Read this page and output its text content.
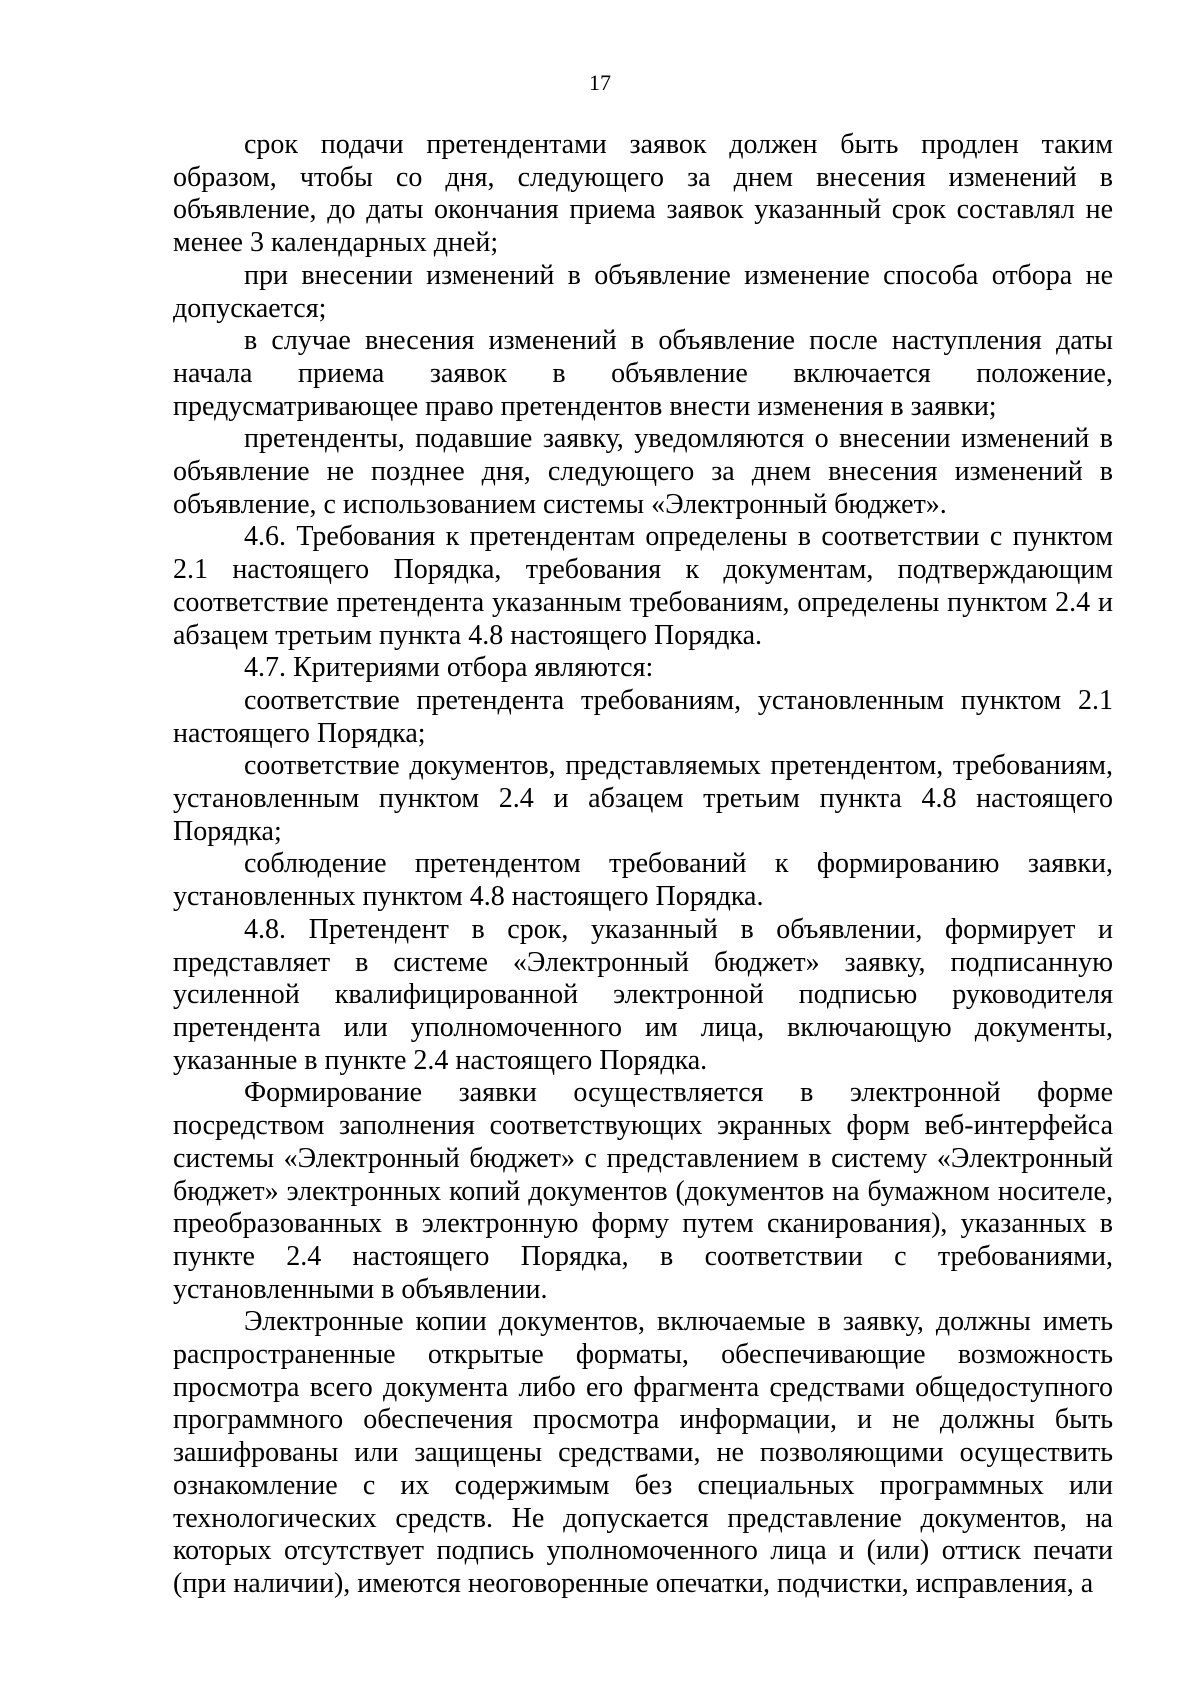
17

срок подачи претендентами заявок должен быть продлен таким образом, чтобы со дня, следующего за днем внесения изменений в объявление, до даты окончания приема заявок указанный срок составлял не менее 3 календарных дней;

при внесении изменений в объявление изменение способа отбора не допускается;

в случае внесения изменений в объявление после наступления даты начала приема заявок в объявление включается положение, предусматривающее право претендентов внести изменения в заявки;

претенденты, подавшие заявку, уведомляются о внесении изменений в объявление не позднее дня, следующего за днем внесения изменений в объявление, с использованием системы «Электронный бюджет».

4.6. Требования к претендентам определены в соответствии с пунктом 2.1 настоящего Порядка, требования к документам, подтверждающим соответствие претендента указанным требованиям, определены пунктом 2.4 и абзацем третьим пункта 4.8 настоящего Порядка.

4.7. Критериями отбора являются:

соответствие претендента требованиям, установленным пунктом 2.1 настоящего Порядка;

соответствие документов, представляемых претендентом, требованиям, установленным пунктом 2.4 и абзацем третьим пункта 4.8 настоящего Порядка;

соблюдение претендентом требований к формированию заявки, установленных пунктом 4.8 настоящего Порядка.

4.8. Претендент в срок, указанный в объявлении, формирует и представляет в системе «Электронный бюджет» заявку, подписанную усиленной квалифицированной электронной подписью руководителя претендента или уполномоченного им лица, включающую документы, указанные в пункте 2.4 настоящего Порядка.

Формирование заявки осуществляется в электронной форме посредством заполнения соответствующих экранных форм веб-интерфейса системы «Электронный бюджет» с представлением в систему «Электронный бюджет» электронных копий документов (документов на бумажном носителе, преобразованных в электронную форму путем сканирования), указанных в пункте 2.4 настоящего Порядка, в соответствии с требованиями, установленными в объявлении.

Электронные копии документов, включаемые в заявку, должны иметь распространенные открытые форматы, обеспечивающие возможность просмотра всего документа либо его фрагмента средствами общедоступного программного обеспечения просмотра информации, и не должны быть зашифрованы или защищены средствами, не позволяющими осуществить ознакомление с их содержимым без специальных программных или технологических средств. Не допускается представление документов, на которых отсутствует подпись уполномоченного лица и (или) оттиск печати (при наличии), имеются неоговоренные опечатки, подчистки, исправления, а
